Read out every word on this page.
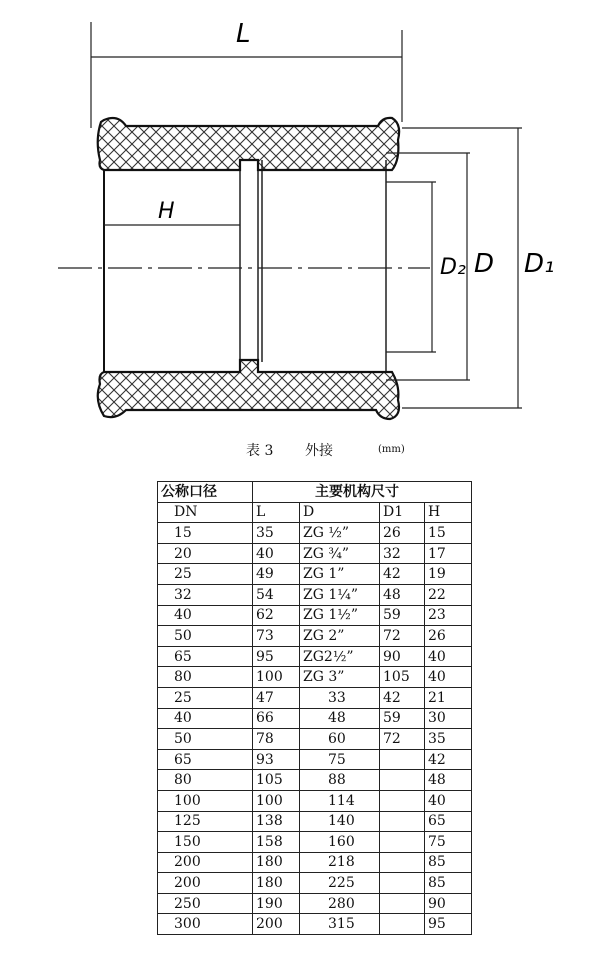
L
H
D₂ D D₁
表 3 外接	(mm)
公称口径	主要机构尺寸			
DN	L	D	D1	H
15	35	ZG ½”	26	15
20	40	ZG ¾”	32	17
25	49	ZG 1”	42	19
32	54	ZG 1¼”	48	22
40	62	ZG 1½”	59	23
50	73	ZG 2”	72	26
65	95	ZG2½”	90	40
80	100	ZG 3”	105	40
25	47	33	42	21
40	66	48	59	30
50	78	60	72	35
65	93	75		42
80	105	88		48
100	100	114		40
125	138	140		65
150	158	160		75
200	180	218		85
200	180	225		85
250	190	280		90
300	200	315		95
